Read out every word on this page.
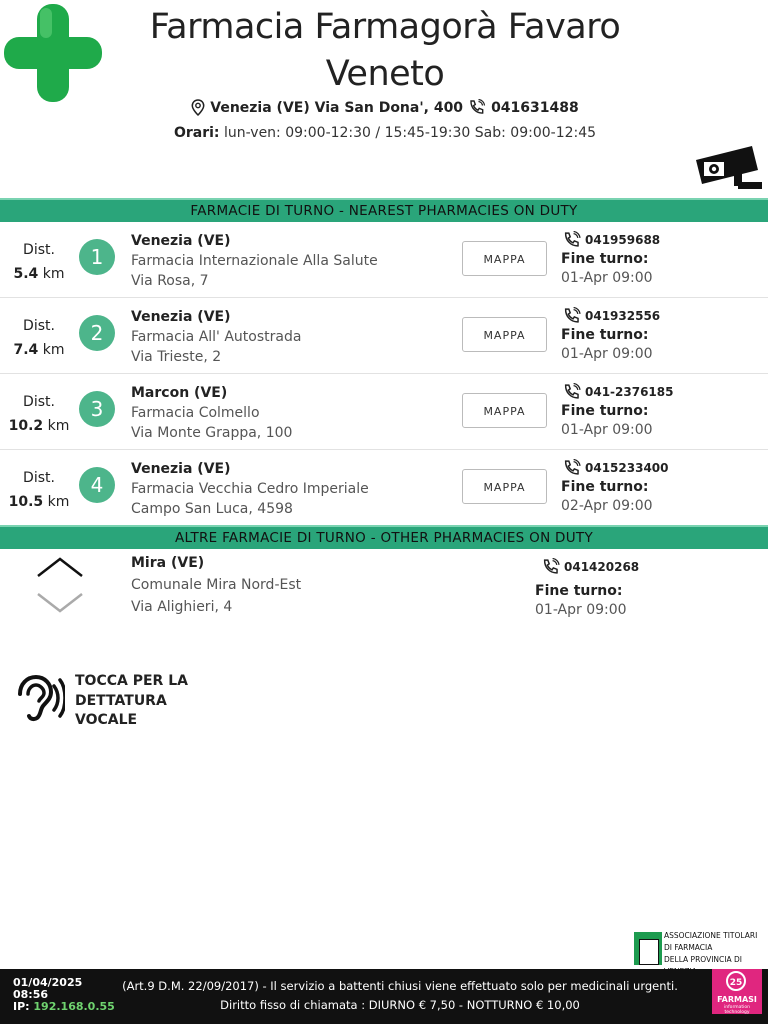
Farmacia Farmagorà Favaro Veneto
Venezia (VE) Via San Dona', 400 041631488
Orari: lun-ven: 09:00-12:30 / 15:45-19:30 Sab: 09:00-12:45
FARMACIE DI TURNO - NEAREST PHARMACIES ON DUTY
Dist.
5.4 km
1
Venezia (VE)
Farmacia Internazionale Alla Salute
Via Rosa, 7
MAPPA
041959688
Fine turno:
01-Apr 09:00
Dist.
7.4 km
2
Venezia (VE)
Farmacia All' Autostrada
Via Trieste, 2
MAPPA
041932556
Fine turno:
01-Apr 09:00
Dist.
10.2 km
3
Marcon (VE)
Farmacia Colmello
Via Monte Grappa, 100
MAPPA
041-2376185
Fine turno:
01-Apr 09:00
Dist.
10.5 km
4
Venezia (VE)
Farmacia Vecchia Cedro Imperiale
Campo San Luca, 4598
MAPPA
0415233400
Fine turno:
02-Apr 09:00
ALTRE FARMACIE DI TURNO - OTHER PHARMACIES ON DUTY
Mira (VE)
Comunale Mira Nord-Est
Via Alighieri, 4
041420268
Fine turno:
01-Apr 09:00
TOCCA PER LA
DETTATURA
VOCALE
ASSOCIAZIONE TITOLARI
DI FARMACIA
DELLA PROVINCIA DI
01/04/2025
08:56
IP: 192.168.0.55
(Art.9 D.M. 22/09/2017) - Il servizio a battenti chiusi viene effettuato solo per medicinali urgenti.
Diritto fisso di chiamata : DIURNO € 7,50 - NOTTURNO € 10,00
25
FARMASI
information technology
